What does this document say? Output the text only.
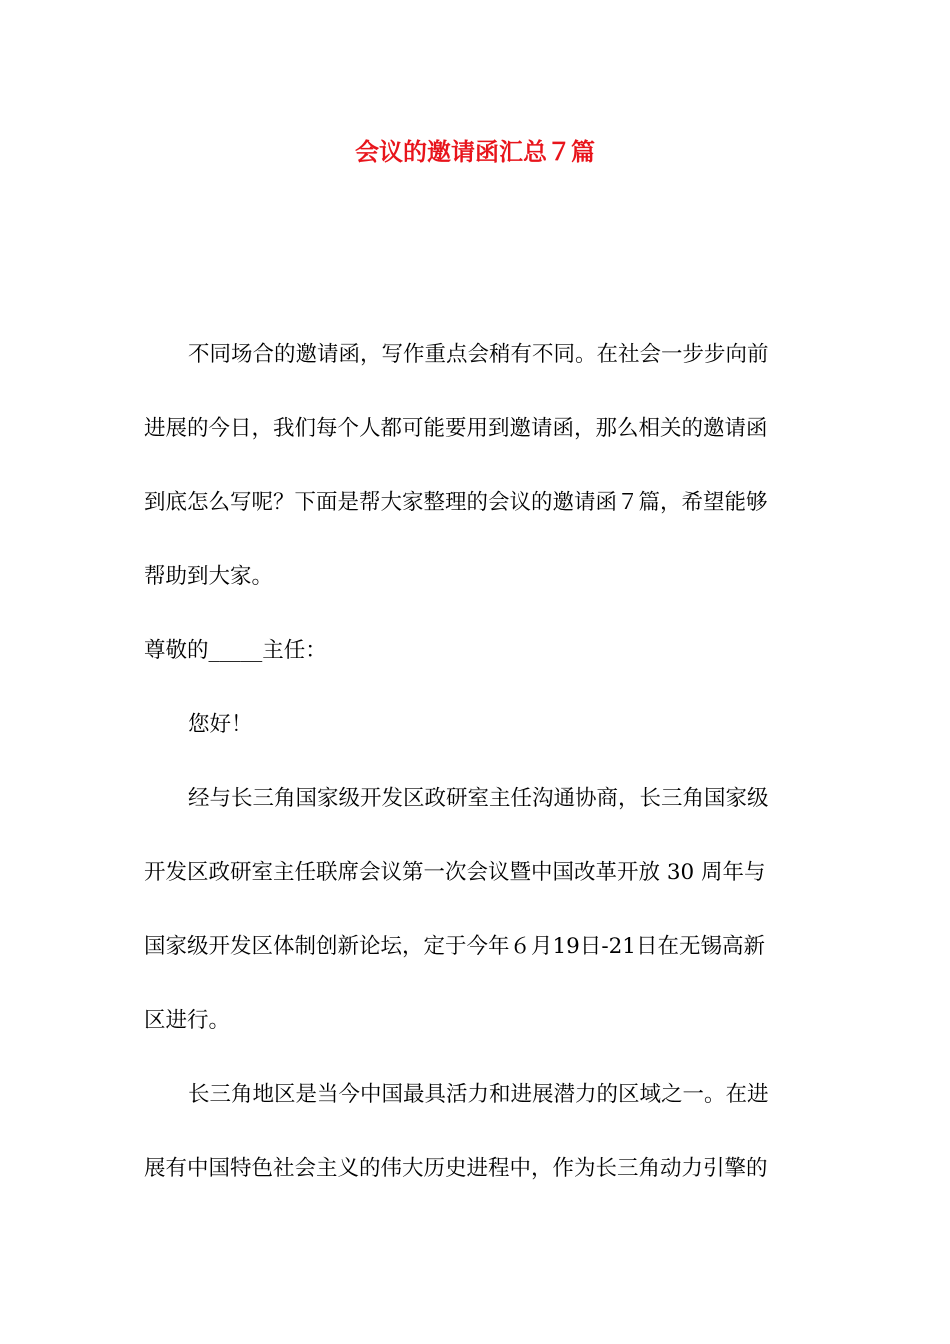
会议的邀请函汇总７篇
不同场合的邀请函，写作重点会稍有不同。在社会一步步向前
进展的今日，我们每个人都可能要用到邀请函，那么相关的邀请函
到底怎么写呢？下面是帮大家整理的会议的邀请函７篇，希望能够
帮助到大家。
尊敬的_____主任：
您好！
经与长三角国家级开发区政研室主任沟通协商，长三角国家级
开发区政研室主任联席会议第一次会议暨中国改革开放 30 周年与
国家级开发区体制创新论坛，定于今年６月19日-21日在无锡高新
区进行。
长三角地区是当今中国最具活力和进展潜力的区域之一。在进
展有中国特色社会主义的伟大历史进程中，作为长三角动力引擎的
